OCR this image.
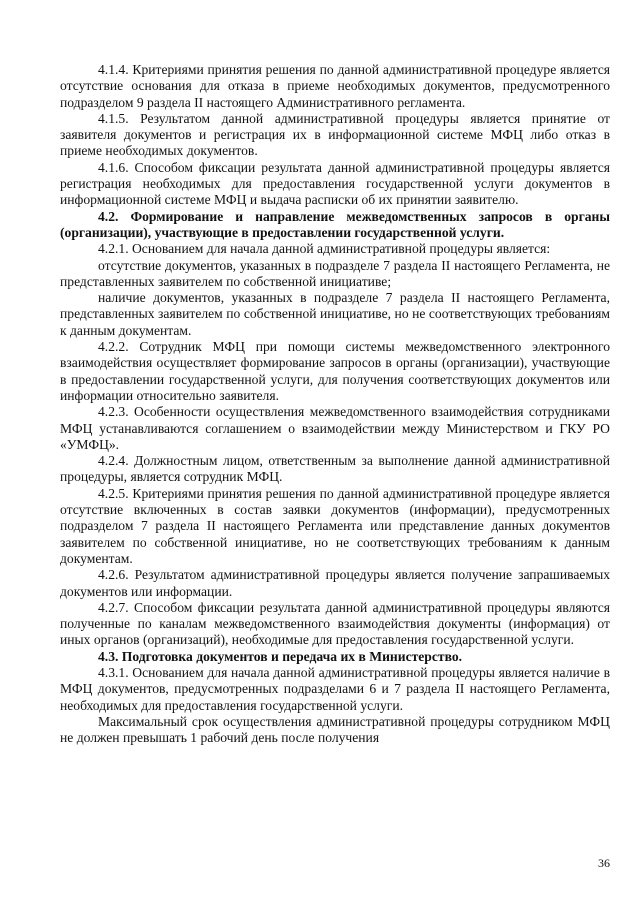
4.1.4. Критериями принятия решения по данной административной процедуре является отсутствие основания для отказа в приеме необходимых документов, предусмотренного подразделом 9 раздела II настоящего Административного регламента.

4.1.5. Результатом данной административной процедуры является принятие от заявителя документов и регистрация их в информационной системе МФЦ либо отказ в приеме необходимых документов.

4.1.6. Способом фиксации результата данной административной процедуры является регистрация необходимых для предоставления государственной услуги документов в информационной системе МФЦ и выдача расписки об их принятии заявителю.

4.2. Формирование и направление межведомственных запросов в органы (организации), участвующие в предоставлении государственной услуги.

4.2.1. Основанием для начала данной административной процедуры является:

отсутствие документов, указанных в подразделе 7 раздела II настоящего Регламента, не представленных заявителем по собственной инициативе;

наличие документов, указанных в подразделе 7 раздела II настоящего Регламента, представленных заявителем по собственной инициативе, но не соответствующих требованиям к данным документам.

4.2.2. Сотрудник МФЦ при помощи системы межведомственного электронного взаимодействия осуществляет формирование запросов в органы (организации), участвующие в предоставлении государственной услуги, для получения соответствующих документов или информации относительно заявителя.

4.2.3. Особенности осуществления межведомственного взаимодействия сотрудниками МФЦ устанавливаются соглашением о взаимодействии между Министерством и ГКУ РО «УМФЦ».

4.2.4. Должностным лицом, ответственным за выполнение данной административной процедуры, является сотрудник МФЦ.

4.2.5. Критериями принятия решения по данной административной процедуре является отсутствие включенных в состав заявки документов (информации), предусмотренных подразделом 7 раздела II настоящего Регламента или представление данных документов заявителем по собственной инициативе, но не соответствующих требованиям к данным документам.

4.2.6. Результатом административной процедуры является получение запрашиваемых документов или информации.

4.2.7. Способом фиксации результата данной административной процедуры являются полученные по каналам межведомственного взаимодействия документы (информация) от иных органов (организаций), необходимые для предоставления государственной услуги.

4.3. Подготовка документов и передача их в Министерство.

4.3.1. Основанием для начала данной административной процедуры является наличие в МФЦ документов, предусмотренных подразделами 6 и 7 раздела II настоящего Регламента, необходимых для предоставления государственной услуги.

Максимальный срок осуществления административной процедуры сотрудником МФЦ не должен превышать 1 рабочий день после получения

36
